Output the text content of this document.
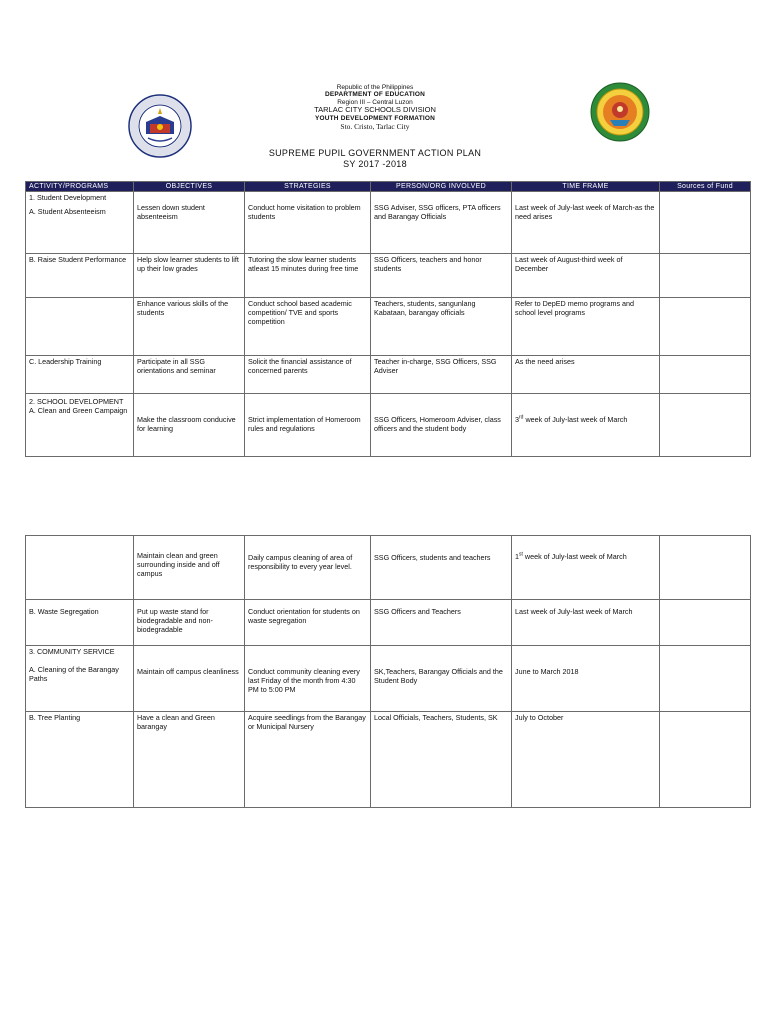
Republic of the Philippines
DEPARTMENT OF EDUCATION
Region III – Central Luzon
TARLAC CITY SCHOOLS DIVISION
YOUTH DEVELOPMENT FORMATION
Sto. Cristo, Tarlac City
SUPREME PUPIL GOVERNMENT ACTION PLAN
SY 2017 -2018
ACTIVITY/PROGRAMS	OBJECTIVES	STRATEGIES	PERSON/ORG INVOLVED	TIME FRAME	Sources of Fund

1. Student Development
A. Student Absenteeism	Lessen down student absenteeism	Conduct home visitation to problem students	SSG Adviser, SSG officers, PTA officers and Barangay Officials	Last week of July-last week of March-as the need arises	

B. Raise Student Performance	Help slow learner students to lift up their low grades	Tutoring the slow learner students atleast 15 minutes during free time	SSG Officers, teachers and honor students	Last week of August-third week of December	

	Enhance various skills of the students	Conduct school based academic competition/ TVE and sports competition	Teachers, students, sangunlang Kabataan, barangay officials	Refer to DepED memo programs and school level programs	

C. Leadership Training	Participate in all SSG orientations and seminar	Solicit the financial assistance of concerned parents	Teacher in-charge, SSG Officers, SSG Adviser	As the need arises	

2. SCHOOL DEVELOPMENT
A. Clean and Green Campaign	Make the classroom conducive for learning	Strict implementation of Homeroom rules and regulations	SSG Officers, Homeroom Adviser, class officers and the student body	3rd week of July-last week of March	

	Maintain clean and green surrounding inside and off campus	Daily campus cleaning of area of responsibility to every year level.	SSG Officers, students and teachers	1st week of July-last week of March	

B. Waste Segregation	Put up waste stand for biodegradable and non-biodegradable	Conduct orientation for students on waste segregation	SSG Officers and Teachers	Last week of July-last week of March	

3. COMMUNITY SERVICE
A. Cleaning of the Barangay Paths	Maintain off campus cleanliness	Conduct community cleaning every last Friday of the month from 4:30 PM to 5:00 PM	SK,Teachers, Barangay Officials and the Student Body	June to March 2018	

B. Tree Planting	Have a clean and Green barangay	Acquire seedlings from the Barangay or Municipal Nursery	Local Officials, Teachers, Students, SK	July to October	
